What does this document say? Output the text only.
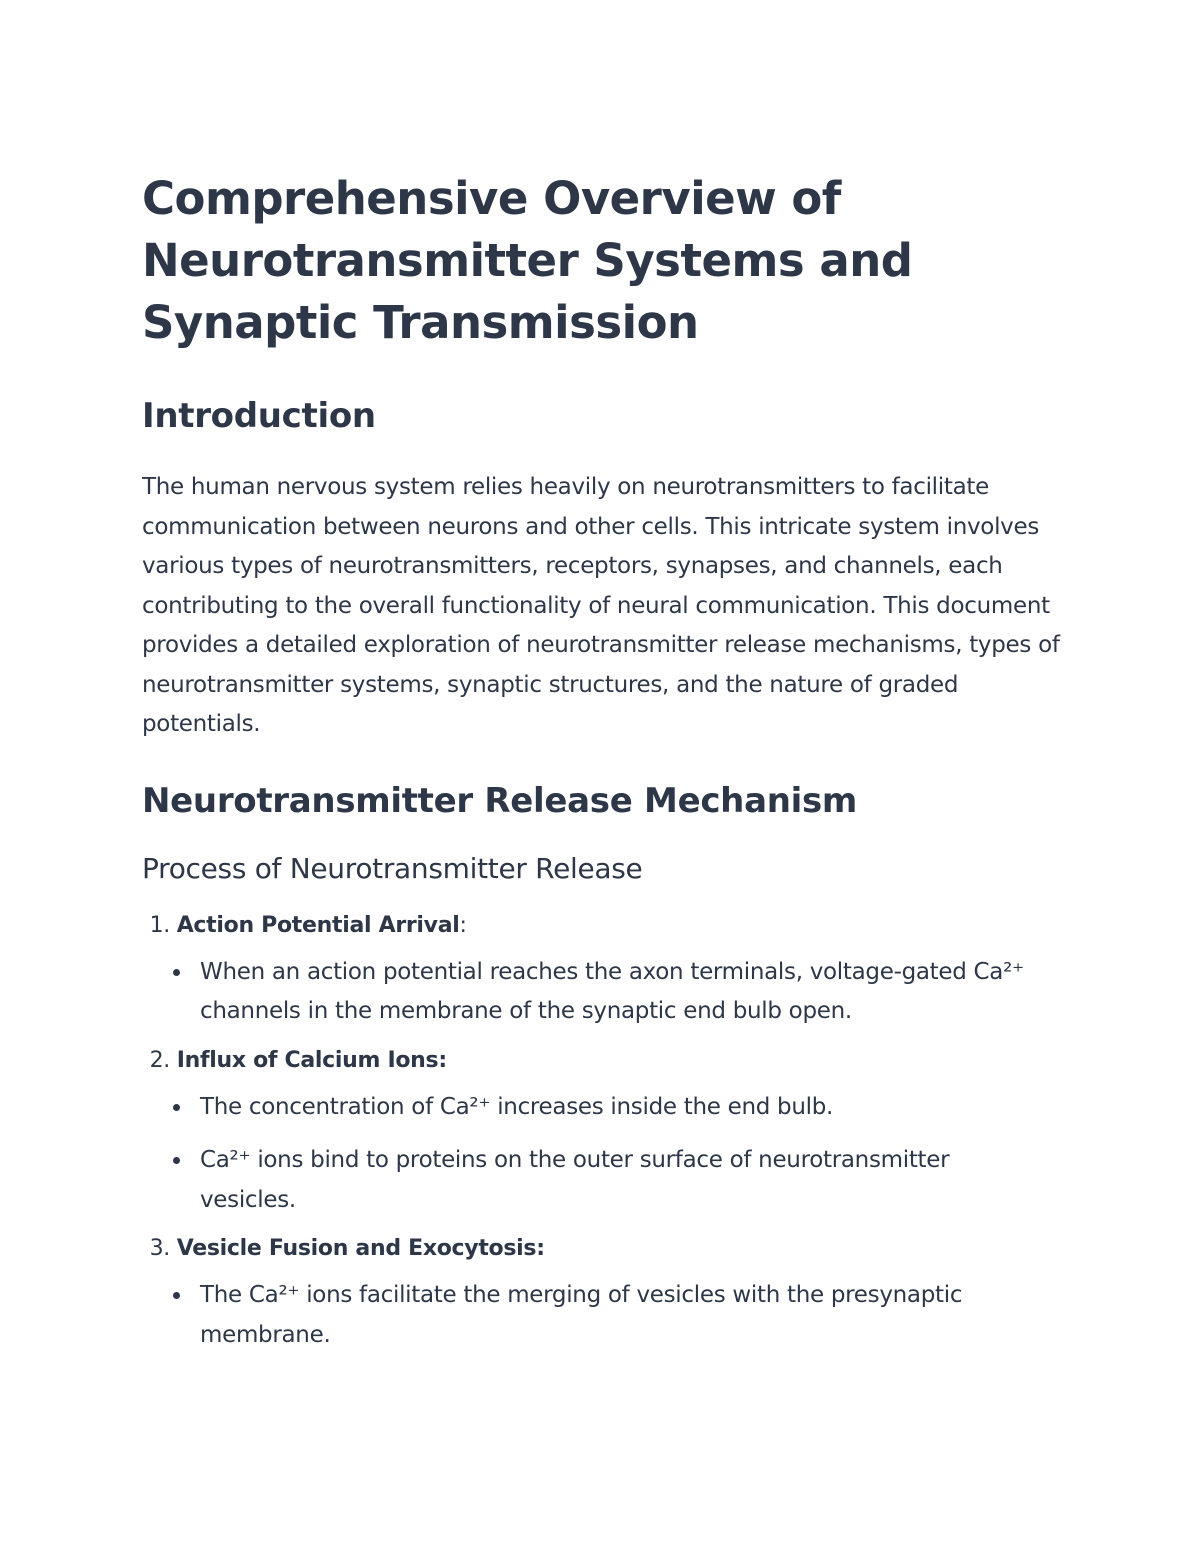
Comprehensive Overview of Neurotransmitter Systems and Synaptic Transmission
Introduction

The human nervous system relies heavily on neurotransmitters to facilitate communication between neurons and other cells. This intricate system involves various types of neurotransmitters, receptors, synapses, and channels, each contributing to the overall functionality of neural communication. This document provides a detailed exploration of neurotransmitter release mechanisms, types of neurotransmitter systems, synaptic structures, and the nature of graded potentials.

Neurotransmitter Release Mechanism
Process of Neurotransmitter Release
1. Action Potential Arrival:
When an action potential reaches the axon terminals, voltage-gated Ca²⁺ channels in the membrane of the synaptic end bulb open.
2. Influx of Calcium Ions:
The concentration of Ca²⁺ increases inside the end bulb.
Ca²⁺ ions bind to proteins on the outer surface of neurotransmitter vesicles.
3. Vesicle Fusion and Exocytosis:
The Ca²⁺ ions facilitate the merging of vesicles with the presynaptic membrane.
